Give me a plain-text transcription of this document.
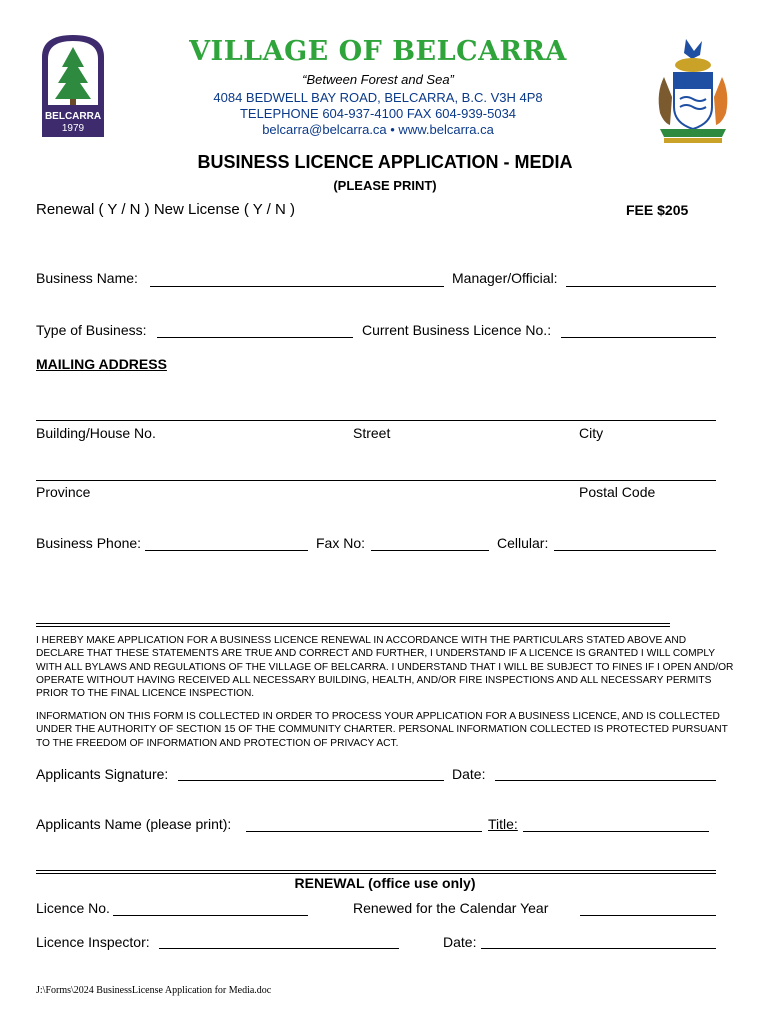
BELCARRA
1979
VILLAGE OF BELCARRA
“Between Forest and Sea”
4084 BEDWELL BAY ROAD, BELCARRA, B.C. V3H 4P8
TELEPHONE 604-937-4100 FAX 604-939-5034
belcarra@belcarra.ca • www.belcarra.ca
BUSINESS LICENCE APPLICATION - MEDIA
(PLEASE PRINT)
Renewal ( Y / N ) New License ( Y / N )	FEE $205
Business Name:	Manager/Official:
Type of Business:	Current Business Licence No.:
MAILING ADDRESS
Building/House No.	Street	City
Province	Postal Code
Business Phone:	Fax No:	Cellular:
I HEREBY MAKE APPLICATION FOR A BUSINESS LICENCE RENEWAL IN ACCORDANCE WITH THE PARTICULARS STATED ABOVE AND DECLARE THAT THESE STATEMENTS ARE TRUE AND CORRECT AND FURTHER, I UNDERSTAND IF A LICENCE IS GRANTED I WILL COMPLY WITH ALL BYLAWS AND REGULATIONS OF THE VILLAGE OF BELCARRA. I UNDERSTAND THAT I WILL BE SUBJECT TO FINES IF I OPEN AND/OR OPERATE WITHOUT HAVING RECEIVED ALL NECESSARY BUILDING, HEALTH, AND/OR FIRE INSPECTIONS AND ALL NECESSARY PERMITS PRIOR TO THE FINAL LICENCE INSPECTION.
INFORMATION ON THIS FORM IS COLLECTED IN ORDER TO PROCESS YOUR APPLICATION FOR A BUSINESS LICENCE, AND IS COLLECTED UNDER THE AUTHORITY OF SECTION 15 OF THE COMMUNITY CHARTER. PERSONAL INFORMATION COLLECTED IS PROTECTED PURSUANT TO THE FREEDOM OF INFORMATION AND PROTECTION OF PRIVACY ACT.
Applicants Signature:	Date:
Applicants Name (please print):	Title:
RENEWAL (office use only)
Licence No.	Renewed for the Calendar Year
Licence Inspector:	Date:
J:\Forms\2024 BusinessLicense Application for Media.doc
